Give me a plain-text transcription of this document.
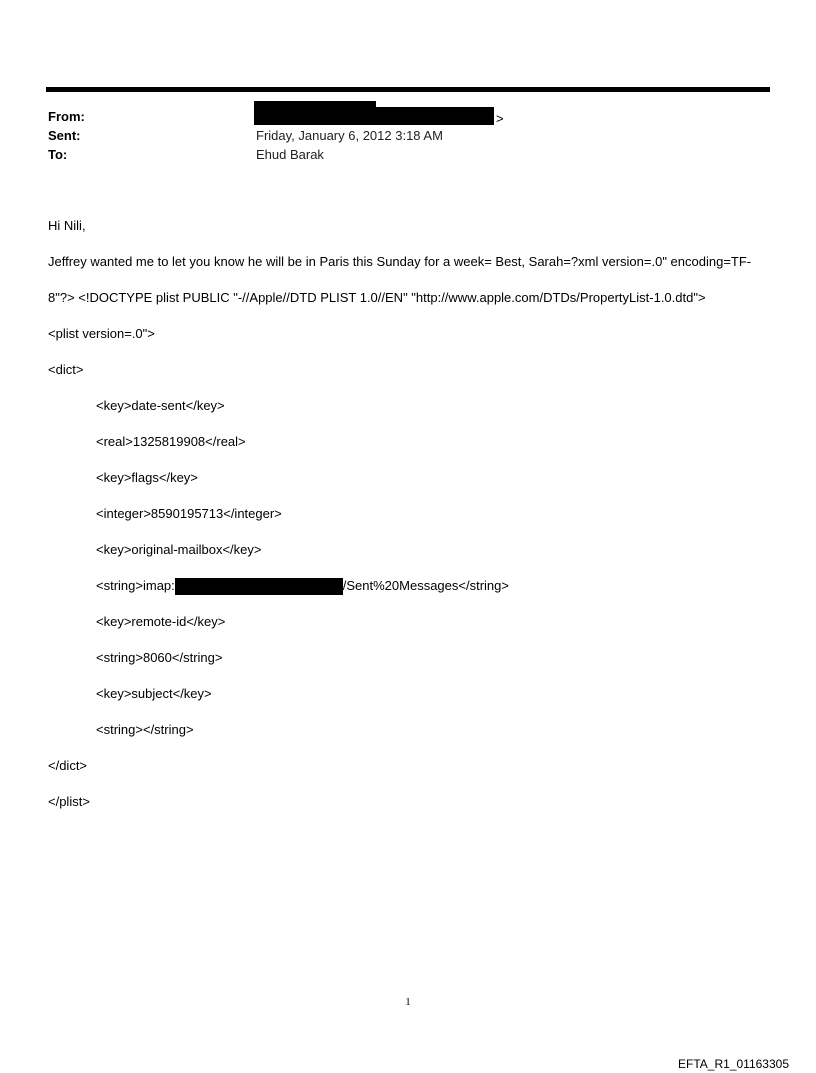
From:	>
Sent:	Friday, January 6, 2012 3:18 AM
To:	Ehud Barak

Hi Nili,

Jeffrey wanted me to let you know he will be in Paris this Sunday for a week= Best, Sarah=?xml version=.0" encoding=TF-

8"?> <!DOCTYPE plist PUBLIC "-//Apple//DTD PLIST 1.0//EN" "http://www.apple.com/DTDs/PropertyList-1.0.dtd">

<plist version=.0">

<dict>

<key>date-sent</key>

<real>1325819908</real>

<key>flags</key>

<integer>8590195713</integer>

<key>original-mailbox</key>

<string>imap:	/Sent%20Messages</string>

<key>remote-id</key>

<string>8060</string>

<key>subject</key>

<string></string>

</dict>

</plist>

1
EFTA_R1_01163305
